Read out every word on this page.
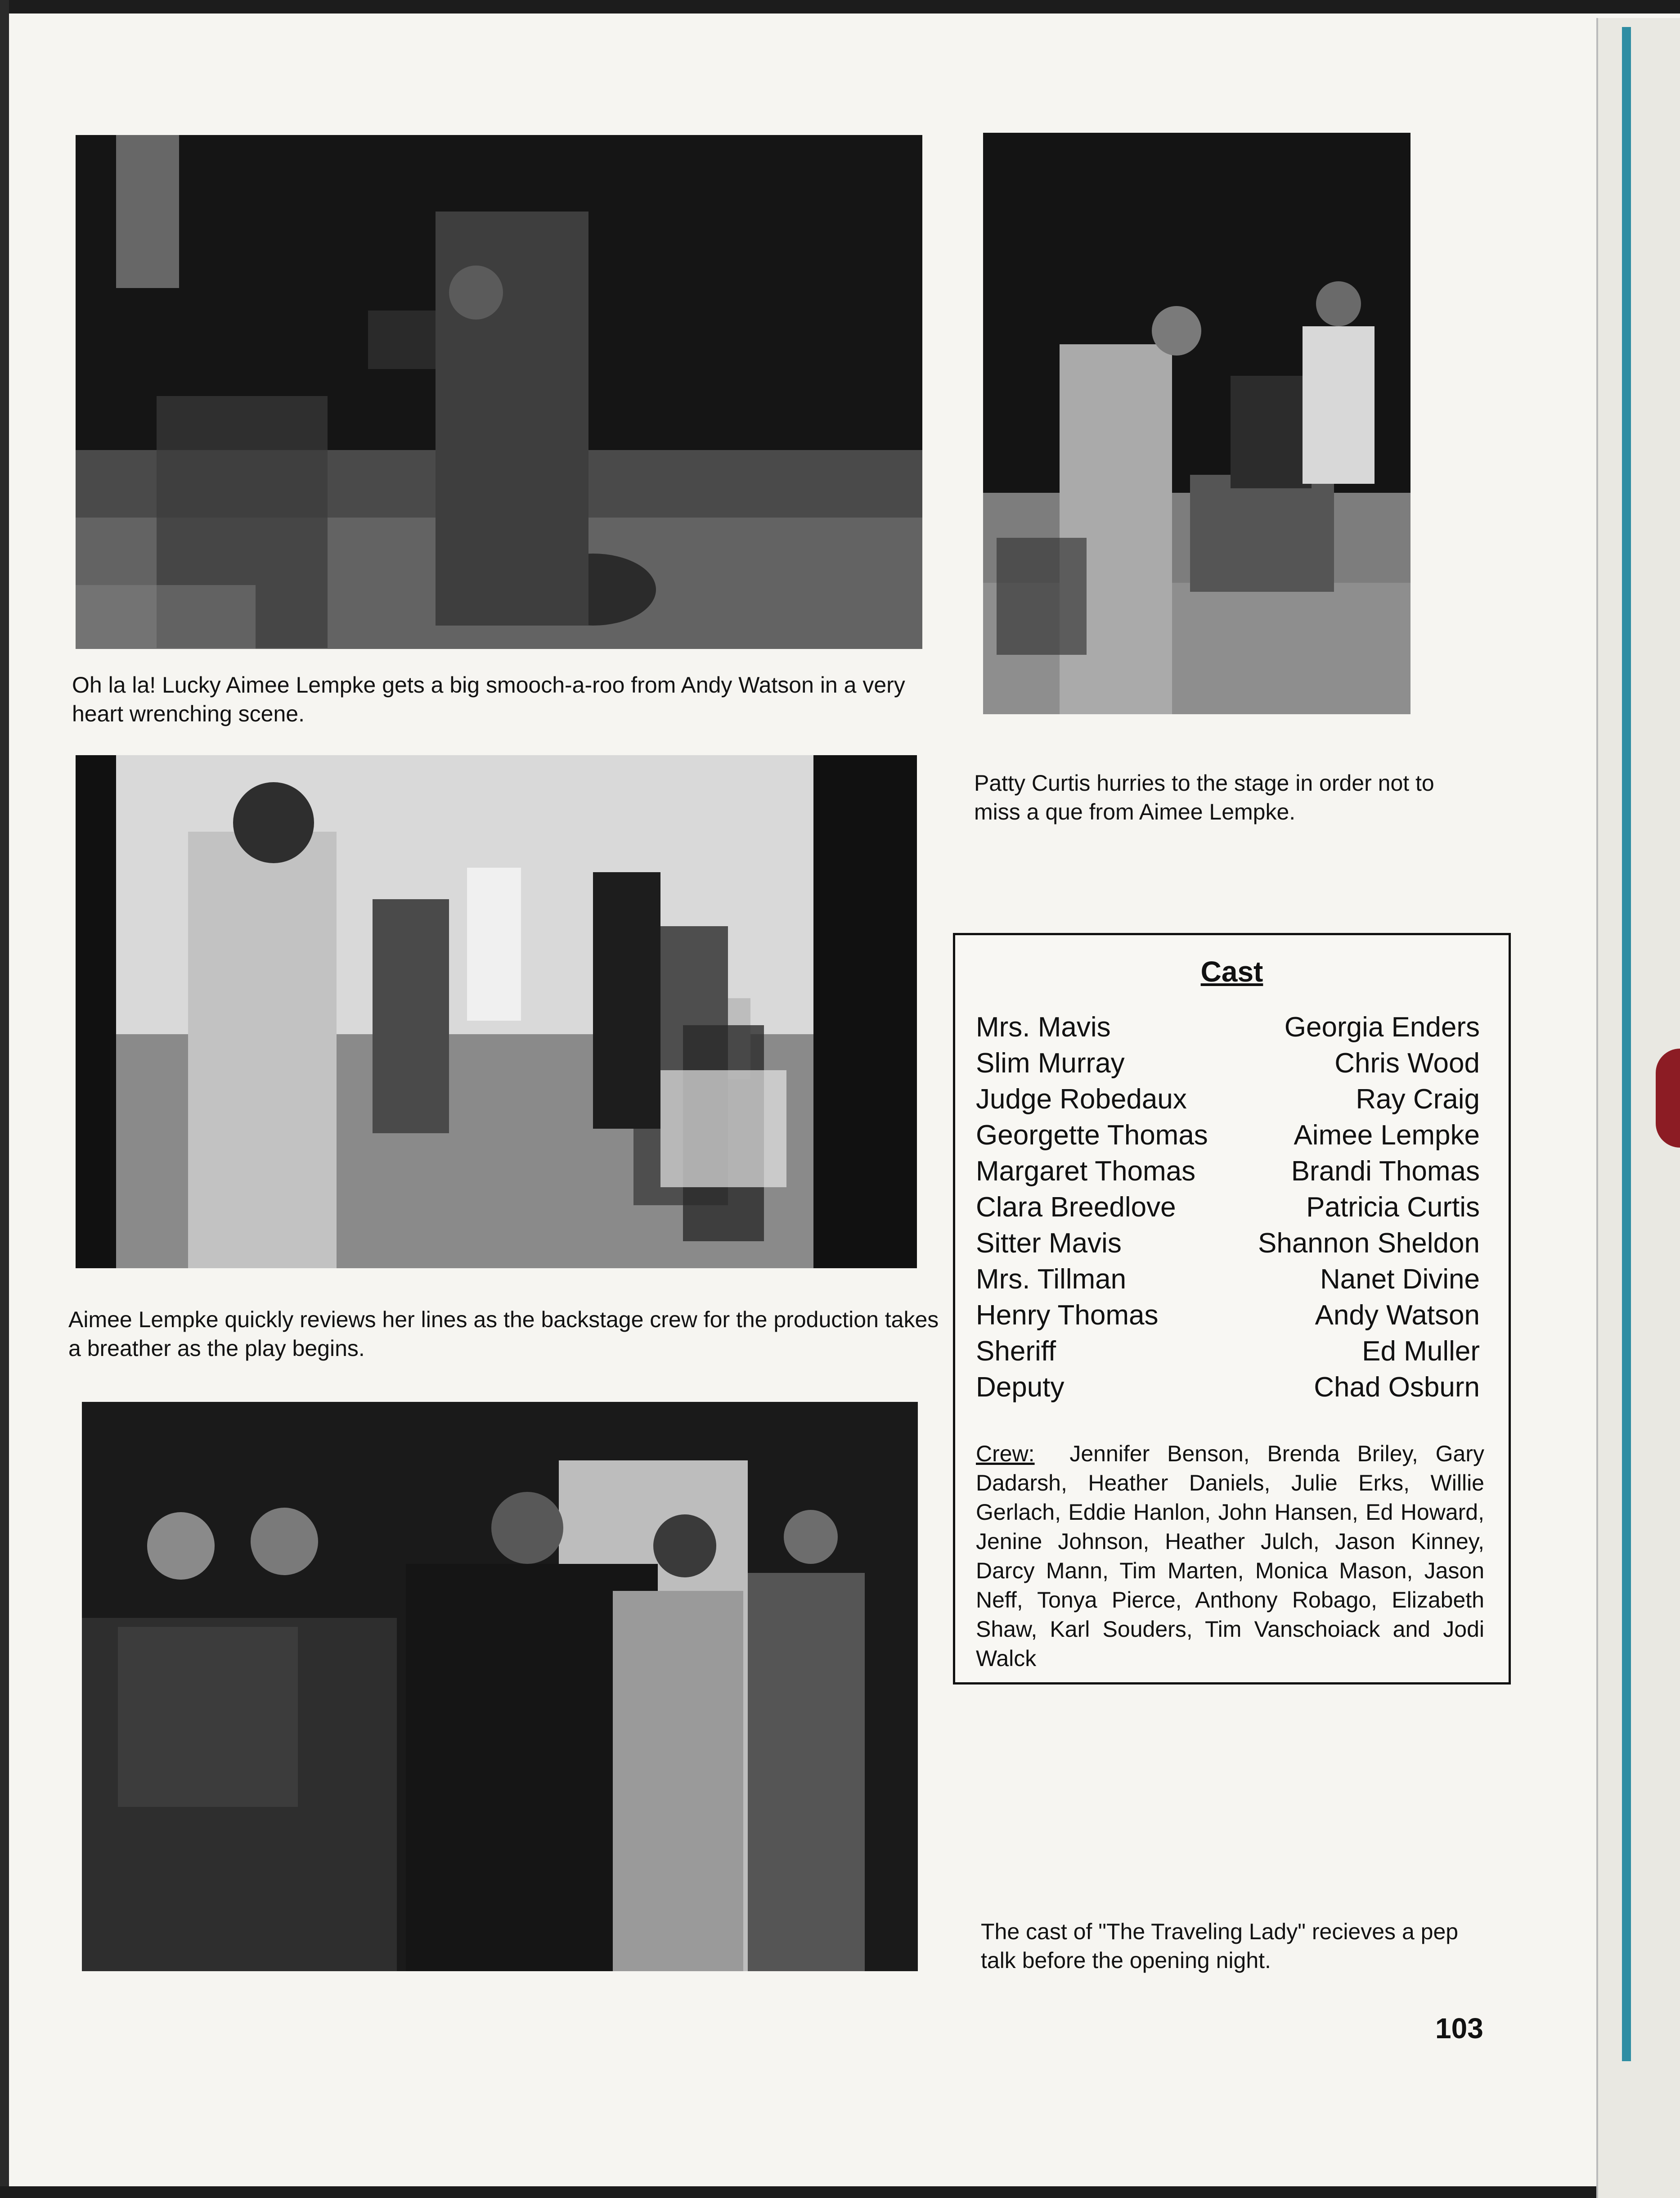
Oh la la! Lucky Aimee Lempke gets a big smooch-a-roo from Andy Watson in a very heart wrenching scene.

Patty Curtis hurries to the stage in order not to miss a que from Aimee Lempke.

Aimee Lempke quickly reviews her lines as the backstage crew for the production takes a breather as the play begins.

The cast of "The Traveling Lady" recieves a pep talk before the opening night.

Cast
Mrs. Mavis	Georgia Enders
Slim Murray	Chris Wood
Judge Robedaux	Ray Craig
Georgette Thomas	Aimee Lempke
Margaret Thomas	Brandi Thomas
Clara Breedlove	Patricia Curtis
Sitter Mavis	Shannon Sheldon
Mrs. Tillman	Nanet Divine
Henry Thomas	Andy Watson
Sheriff	Ed Muller
Deputy	Chad Osburn

Crew: Jennifer Benson, Brenda Briley, Gary Dadarsh, Heather Daniels, Julie Erks, Willie Gerlach, Eddie Hanlon, John Hansen, Ed Howard, Jenine Johnson, Heather Julch, Jason Kinney, Darcy Mann, Tim Marten, Monica Mason, Jason Neff, Tonya Pierce, Anthony Robago, Elizabeth Shaw, Karl Souders, Tim Vanschoiack and Jodi Walck

103
